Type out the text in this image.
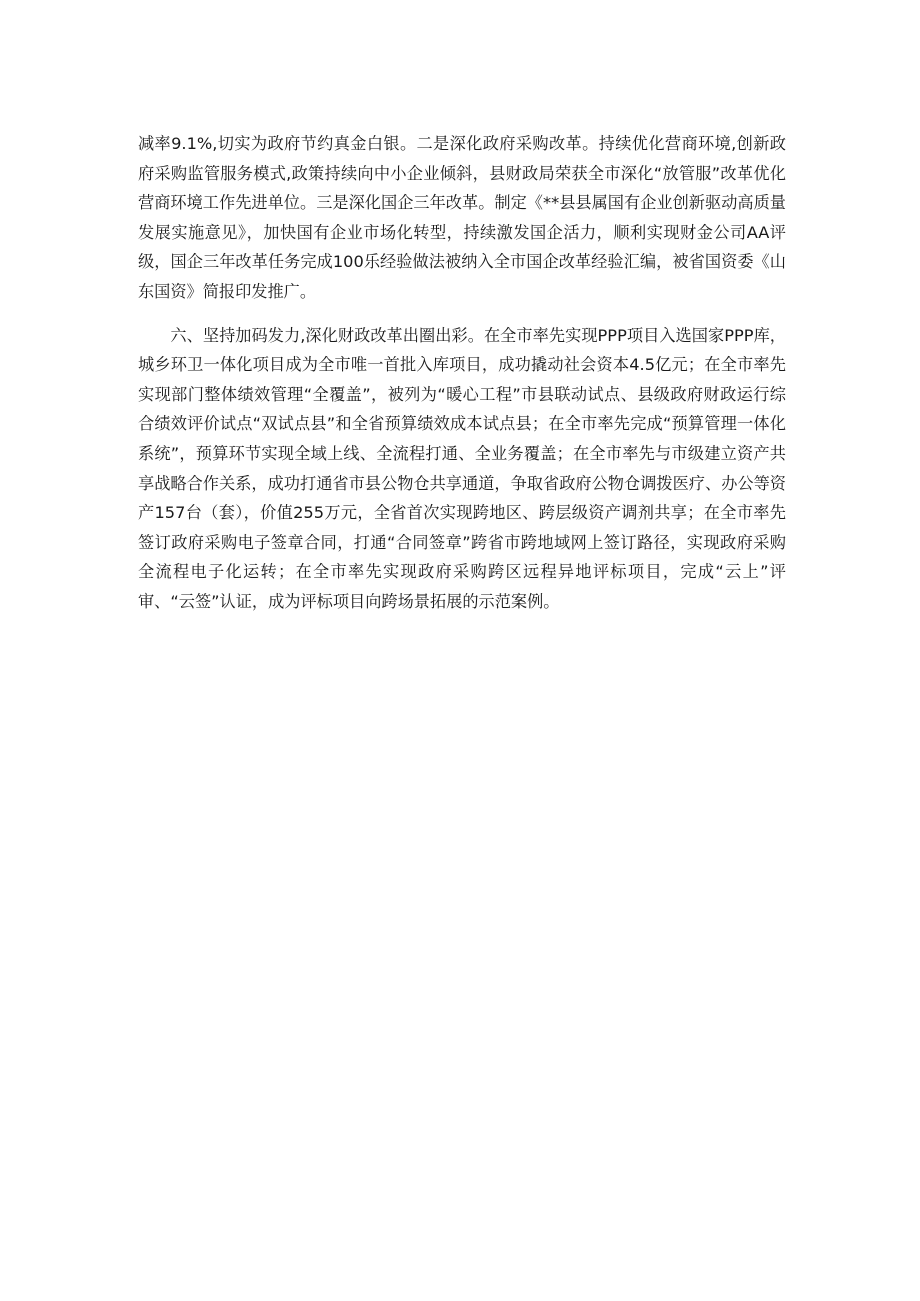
减率9.1%,切实为政府节约真金白银。二是深化政府采购改革。持续优化营商环境,创新政府采购监管服务模式,政策持续向中小企业倾斜，县财政局荣获全市深化“放管服”改革优化营商环境工作先进单位。三是深化国企三年改革。制定《**县县属国有企业创新驱动高质量发展实施意见》，加快国有企业市场化转型，持续激发国企活力，顺利实现财金公司AA评级，国企三年改革任务完成100乐经验做法被纳入全市国企改革经验汇编，被省国资委《山东国资》简报印发推广。

六、坚持加码发力,深化财政改革出圈出彩。在全市率先实现PPP项目入选国家PPP库，城乡环卫一体化项目成为全市唯一首批入库项目，成功撬动社会资本4.5亿元；在全市率先实现部门整体绩效管理“全覆盖”，被列为“暖心工程”市县联动试点、县级政府财政运行综合绩效评价试点“双试点县”和全省预算绩效成本试点县；在全市率先完成“预算管理一体化系统”，预算环节实现全域上线、全流程打通、全业务覆盖；在全市率先与市级建立资产共享战略合作关系，成功打通省市县公物仓共享通道，争取省政府公物仓调拨医疗、办公等资产157台（套），价值255万元，全省首次实现跨地区、跨层级资产调剂共享；在全市率先签订政府采购电子签章合同，打通“合同签章”跨省市跨地域网上签订路径，实现政府采购全流程电子化运转；在全市率先实现政府采购跨区远程异地评标项目，完成“云上”评审、“云签”认证，成为评标项目向跨场景拓展的示范案例。
